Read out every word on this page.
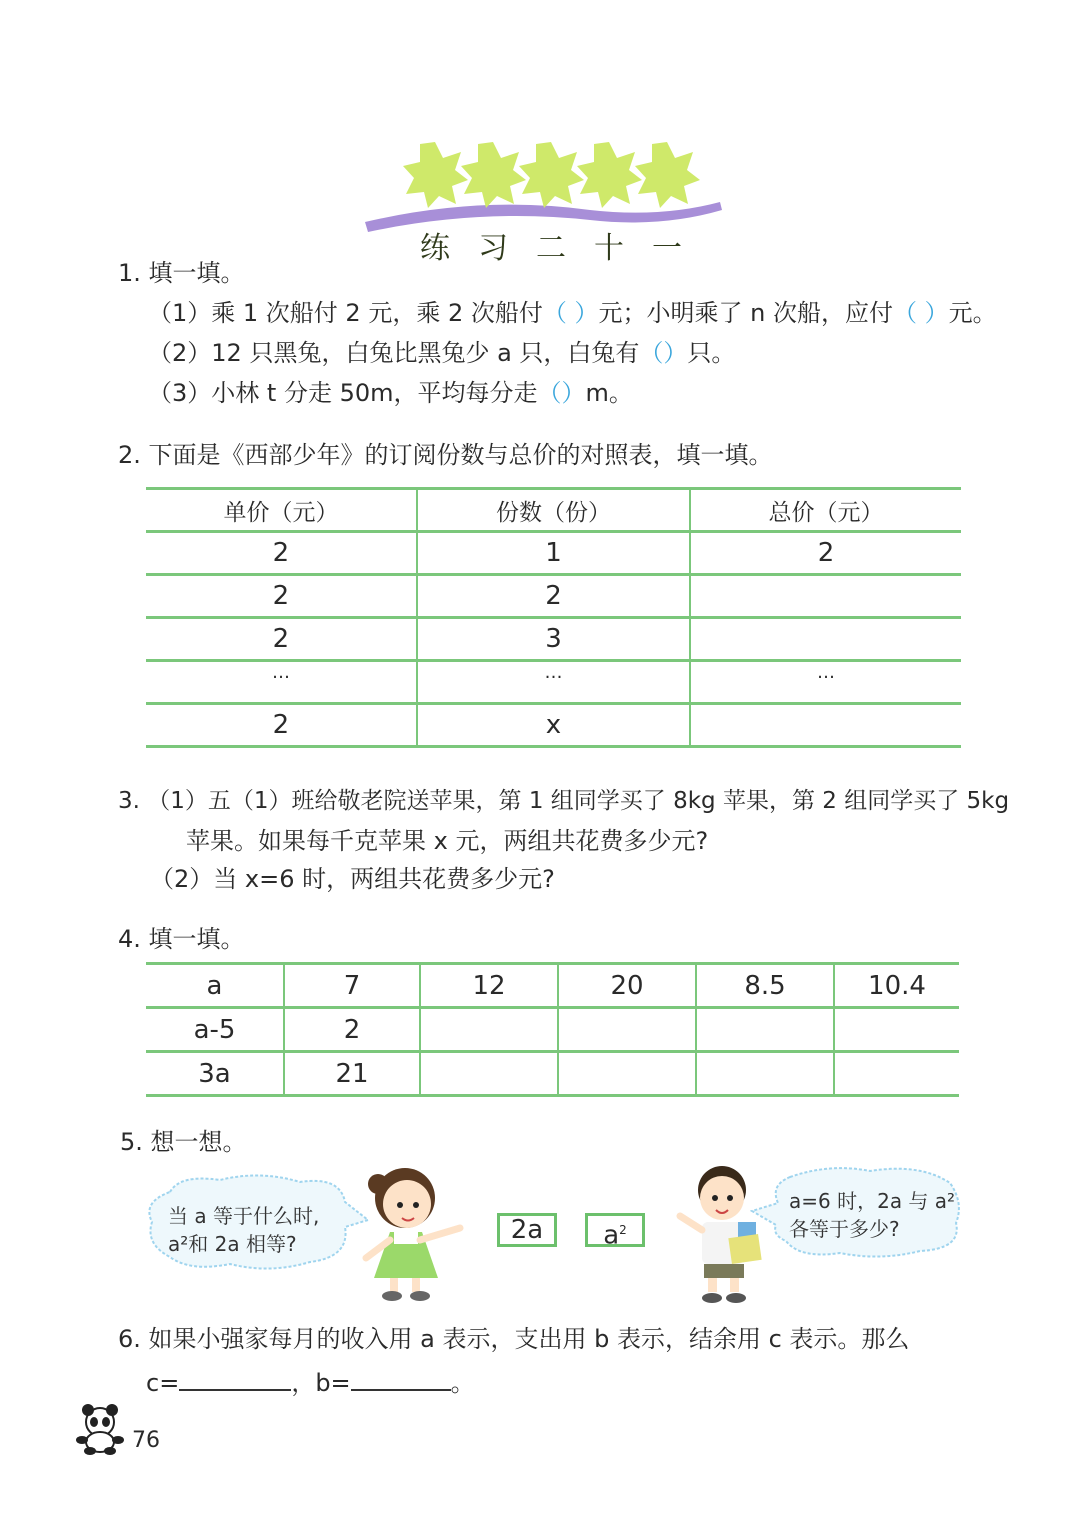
练 习 二 十 一
1. 填一填。
（1）乘 1 次船付 2 元，乘 2 次船付（ ）元；小明乘了 n 次船，应付（ ）元。
（2）12 只黑兔，白兔比黑兔少 a 只，白兔有（）只。
（3）小林 t 分走 50m，平均每分走（）m。
2. 下面是《西部少年》的订阅份数与总价的对照表，填一填。
单价（元）	份数（份）	总价（元）
2	1	2
2	2	
2	3	
…	…	…
2	x	
3. （1）五（1）班给敬老院送苹果，第 1 组同学买了 8kg 苹果，第 2 组同学买了 5kg
苹果。如果每千克苹果 x 元，两组共花费多少元?
（2）当 x=6 时，两组共花费多少元?
4. 填一填。
a	7	12	20	8.5	10.4
a-5	2				
3a	21				
5. 想一想。
当 a 等于什么时,
a²和 2a 相等?	2a	$a^2$
a=6 时，2a 与 a²
各等于多少?
6. 如果小强家每月的收入用 a 表示，支出用 b 表示，结余用 c 表示。那么
c=	，b=	。
76
